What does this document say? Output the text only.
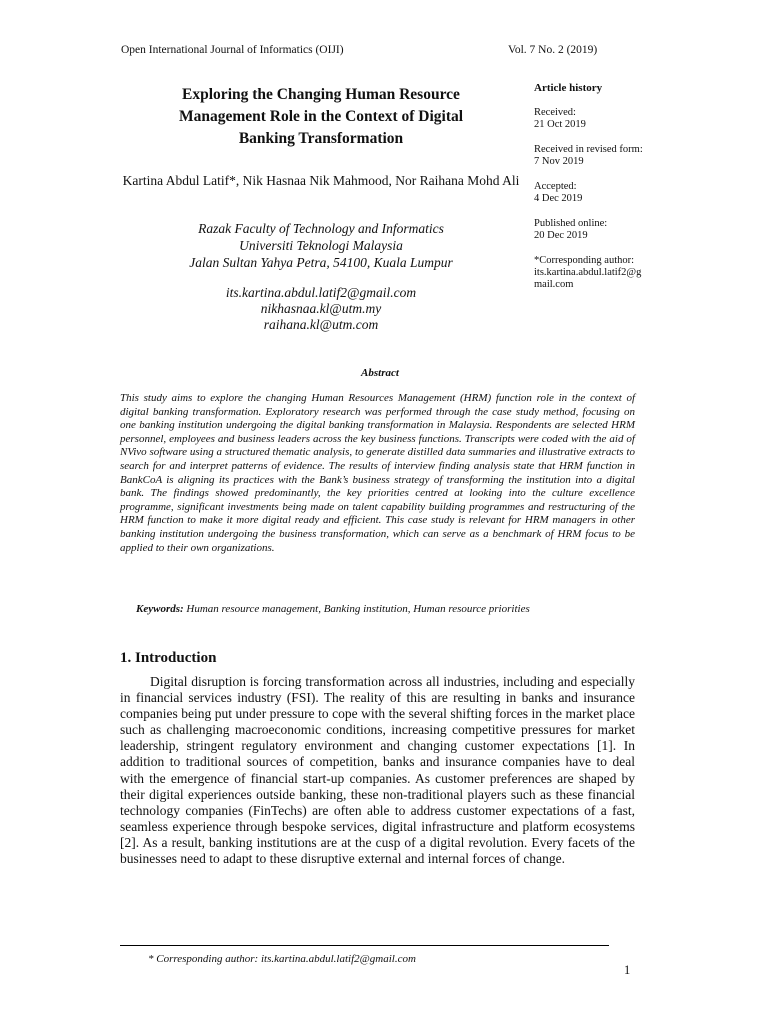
Open International Journal of Informatics (OIJI)	Vol. 7 No. 2 (2019)
Exploring the Changing Human Resource
Management Role in the Context of Digital
Banking Transformation
Kartina Abdul Latif*, Nik Hasnaa Nik Mahmood, Nor Raihana Mohd Ali
Razak Faculty of Technology and Informatics
Universiti Teknologi Malaysia
Jalan Sultan Yahya Petra, 54100, Kuala Lumpur
its.kartina.abdul.latif2@gmail.com
nikhasnaa.kl@utm.my
raihana.kl@utm.com
Article history
Received:
21 Oct 2019
Received in revised form:
7 Nov 2019
Accepted:
4 Dec 2019
Published online:
20 Dec 2019
*Corresponding author:
its.kartina.abdul.latif2@gmail.com
Abstract
This study aims to explore the changing Human Resources Management (HRM) function role in the context of digital banking transformation. Exploratory research was performed through the case study method, focusing on one banking institution undergoing the digital banking transformation in Malaysia. Respondents are selected HRM personnel, employees and business leaders across the key business functions. Transcripts were coded with the aid of NVivo software using a structured thematic analysis, to generate distilled data summaries and illustrative extracts to search for and interpret patterns of evidence. The results of interview finding analysis state that HRM function in BankCoA is aligning its practices with the Bank’s business strategy of transforming the institution into a digital bank. The findings showed predominantly, the key priorities centred at looking into the culture excellence programme, significant investments being made on talent capability building programmes and restructuring of the HRM function to make it more digital ready and efficient. This case study is relevant for HRM managers in other banking institution undergoing the business transformation, which can serve as a benchmark of HRM focus to be applied to their own organizations.
Keywords: Human resource management, Banking institution, Human resource priorities
1. Introduction
Digital disruption is forcing transformation across all industries, including and especially in financial services industry (FSI). The reality of this are resulting in banks and insurance companies being put under pressure to cope with the several shifting forces in the market place such as challenging macroeconomic conditions, increasing competitive pressures for market leadership, stringent regulatory environment and changing customer expectations [1]. In addition to traditional sources of competition, banks and insurance companies have to deal with the emergence of financial start-up companies. As customer preferences are shaped by their digital experiences outside banking, these non-traditional players such as these financial technology companies (FinTechs) are often able to address customer expectations of a fast, seamless experience through bespoke services, digital infrastructure and platform ecosystems [2]. As a result, banking institutions are at the cusp of a digital revolution. Every facets of the businesses need to adapt to these disruptive external and internal forces of change.
* Corresponding author: its.kartina.abdul.latif2@gmail.com
1
